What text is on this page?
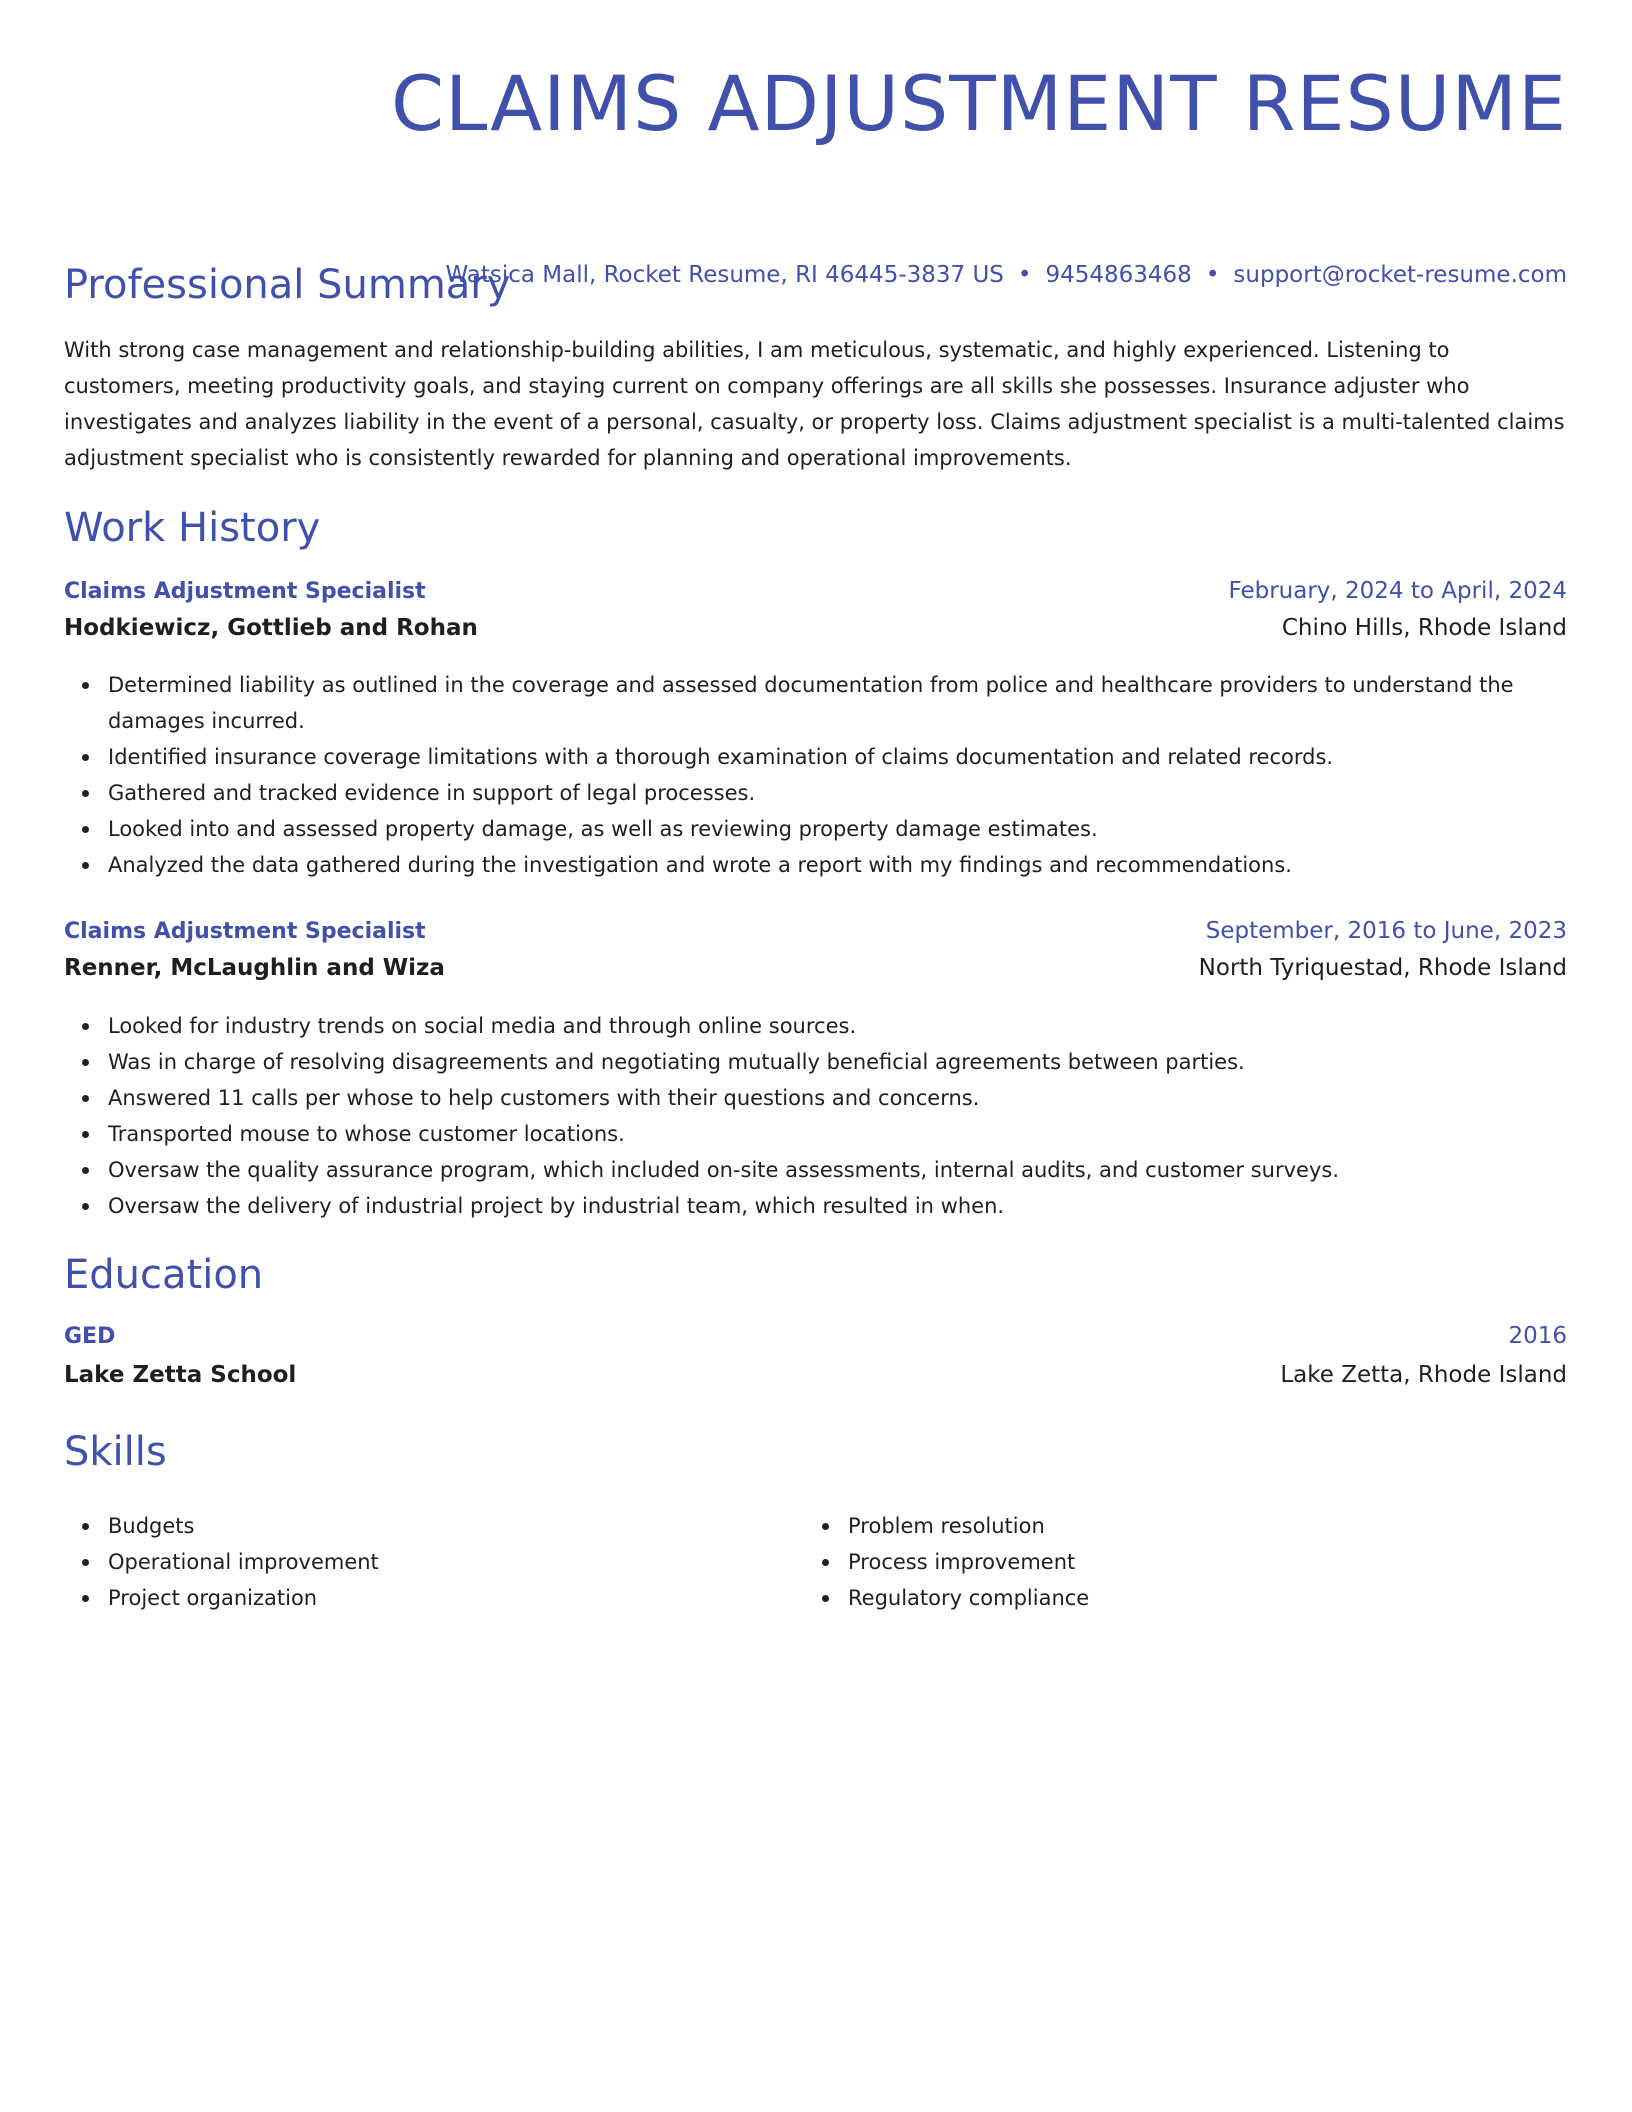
CLAIMS ADJUSTMENT RESUME
Watsica Mall, Rocket Resume, RI 46445-3837 US • 9454863468 • support@rocket-resume.com
Professional Summary

With strong case management and relationship-building abilities, I am meticulous, systematic, and highly experienced. Listening to customers, meeting productivity goals, and staying current on company offerings are all skills she possesses. Insurance adjuster who investigates and analyzes liability in the event of a personal, casualty, or property loss. Claims adjustment specialist is a multi-talented claims adjustment specialist who is consistently rewarded for planning and operational improvements.

Work History
Claims Adjustment Specialist	February, 2024 to April, 2024
Hodkiewicz, Gottlieb and Rohan	Chino Hills, Rhode Island
Determined liability as outlined in the coverage and assessed documentation from police and healthcare providers to understand the damages incurred.
Identified insurance coverage limitations with a thorough examination of claims documentation and related records.
Gathered and tracked evidence in support of legal processes.
Looked into and assessed property damage, as well as reviewing property damage estimates.
Analyzed the data gathered during the investigation and wrote a report with my findings and recommendations.
Claims Adjustment Specialist	September, 2016 to June, 2023
Renner, McLaughlin and Wiza	North Tyriquestad, Rhode Island
Looked for industry trends on social media and through online sources.
Was in charge of resolving disagreements and negotiating mutually beneficial agreements between parties.
Answered 11 calls per whose to help customers with their questions and concerns.
Transported mouse to whose customer locations.
Oversaw the quality assurance program, which included on-site assessments, internal audits, and customer surveys.
Oversaw the delivery of industrial project by industrial team, which resulted in when.
Education
GED	2016
Lake Zetta School	Lake Zetta, Rhode Island
Skills
Budgets
Operational improvement
Project organization
Problem resolution
Process improvement
Regulatory compliance
